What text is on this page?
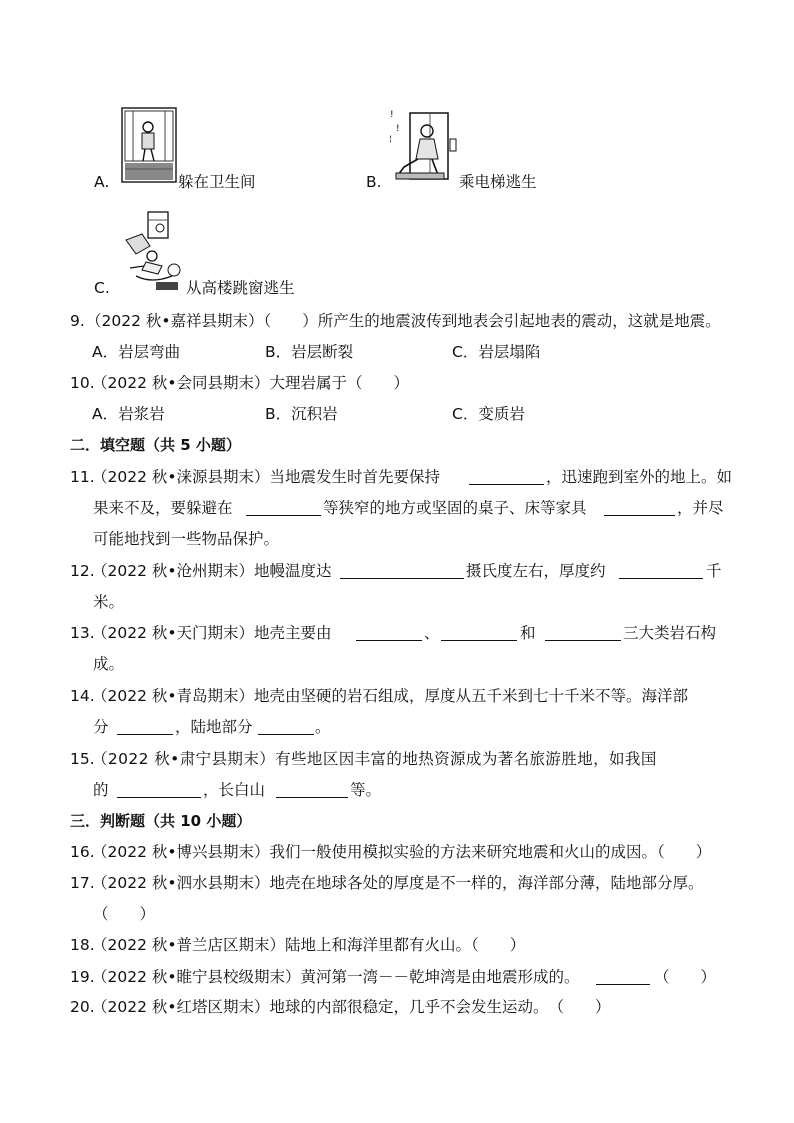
A.	躲在卫生间	B.
!
!
¦
乘电梯逃生
C.	从高楼跳窗逃生
9. （2022 秋•嘉祥县期末）（　　）所产生的地震波传到地表会引起地表的震动，这就是地震。
A．岩层弯曲	B．岩层断裂	C．岩层塌陷
10.
（2022 秋•会同县期末）大理岩属于（　　）
A．岩浆岩	B．沉积岩	C．变质岩
二．填空题（共 5 小题）
11.
（2022 秋•涞源县期末）当地震发生时首先要保持	，迅速跑到室外的地上。如
果来不及，要躲避在	等狭窄的地方或坚固的桌子、床等家具	，并尽
可能地找到一些物品保护。
12.
（2022 秋•沧州期末）地幔温度达	摄氏度左右，厚度约	千
米。
13.
（2022 秋•天门期末）地壳主要由	、	和	三大类岩石构
成。
14.
（2022 秋•青岛期末）地壳由坚硬的岩石组成，厚度从五千米到七十千米不等。海洋部
分	，陆地部分	。
15.
（2022 秋•肃宁县期末）有些地区因丰富的地热资源成为著名旅游胜地，如我国
的	，长白山	等。
三．判断题（共 10 小题）
16.
（2022 秋•博兴县期末）我们一般使用模拟实验的方法来研究地震和火山的成因。（　　）
17.
（2022 秋•泗水县期末）地壳在地球各处的厚度是不一样的，海洋部分薄，陆地部分厚。
（　　）
18.
（2022 秋•普兰店区期末）陆地上和海洋里都有火山。（　　）
19.
（2022 秋•睢宁县校级期末）黄河第一湾－－乾坤湾是由地震形成的。	（　　）
20.
（2022 秋•红塔区期末）地球的内部很稳定，几乎不会发生运动。　（　　）
